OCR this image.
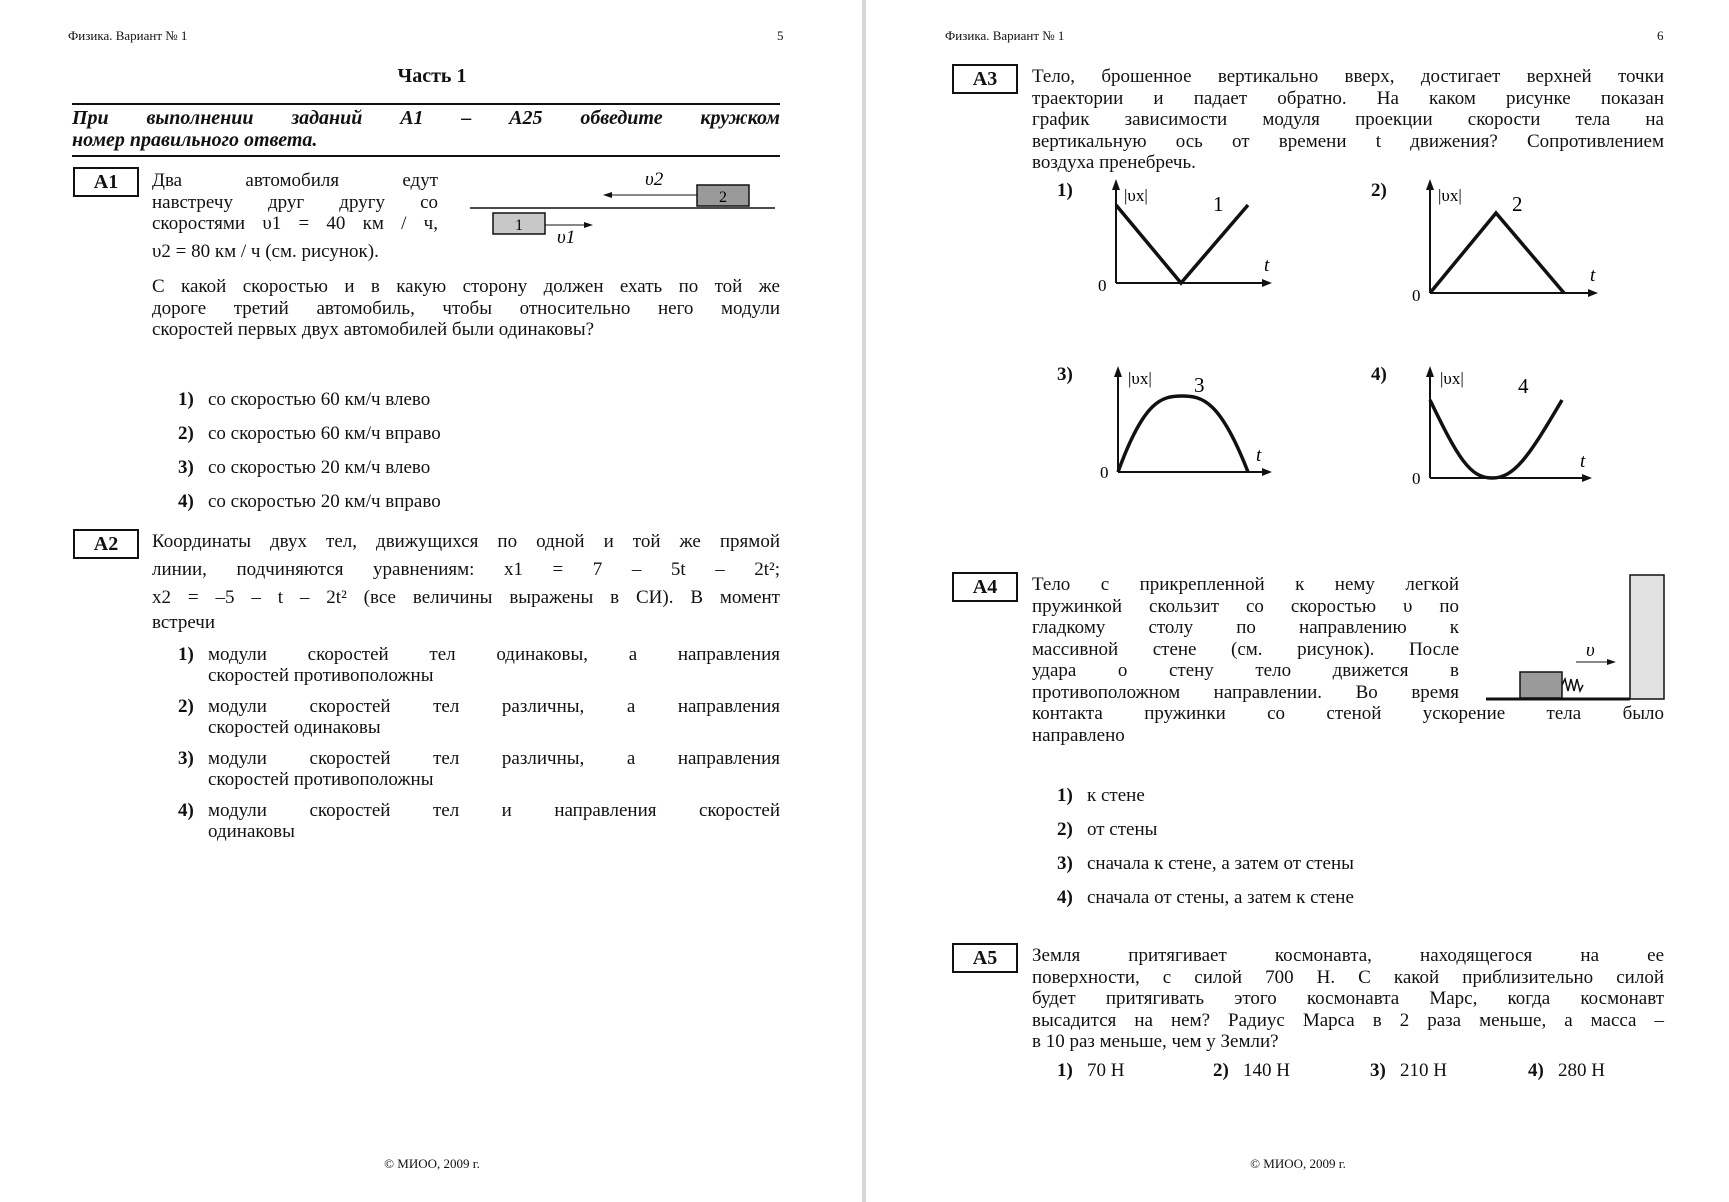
Физика. Вариант № 1	5
Часть 1
При выполнении заданий А1 – А25 обведите кружком
номер правильного ответа.
А1	Два автомобиля едут
навстречу друг другу со
скоростями υ1 = 40 км / ч,
υ2 = 80 км / ч (см. рисунок).
2
υ2
1
υ1
С какой скоростью и в какую сторону должен ехать по той же
дороге третий автомобиль, чтобы относительно него модули
скоростей первых двух автомобилей были одинаковы?
1) со скоростью 60 км/ч влево
2) со скоростью 60 км/ч вправо
3) со скоростью 20 км/ч влево
4) со скоростью 20 км/ч вправо
А2	Координаты двух тел, движущихся по одной и той же прямой
линии, подчиняются уравнениям: x1 = 7 – 5t – 2t²;
x2 = –5 – t – 2t² (все величины выражены в СИ). В момент
встречи
1) модули скоростей тел одинаковы, а направления
скоростей противоположны
2) модули скоростей тел различны, а направления
скоростей одинаковы
3) модули скоростей тел различны, а направления
скоростей противоположны
4) модули скоростей тел и направления скоростей
одинаковы
© МИОО, 2009 г.
Физика. Вариант № 1	6
А3	Тело, брошенное вертикально вверх, достигает верхней точки
траектории и падает обратно. На каком рисунке показан
график зависимости модуля проекции скорости тела на
вертикальную ось от времени t движения? Сопротивлением
воздуха пренебречь.
1)	|υx|	1
t
0
2)	|υx| 2
t
0
3)	|υx| 3
t
0
4)	|υx|	4
t
0
А4	Тело с прикрепленной к нему легкой
пружинкой скользит со скоростью υ по
гладкому столу по направлению к
массивной стене (см. рисунок). После
удара о стену тело движется в
противоположном направлении. Во время
контакта пружинки со стеной ускорение тела было
направлено
υ
1) к стене
2) от стены
3) сначала к стене, а затем от стены
4) сначала от стены, а затем к стене
А5	Земля притягивает космонавта, находящегося на ее
поверхности, с силой 700 Н. С какой приблизительно силой
будет притягивать этого космонавта Марс, когда космонавт
высадится на нем? Радиус Марса в 2 раза меньше, а масса –
в 10 раз меньше, чем у Земли?
1) 70 Н	2) 140 Н	3) 210 Н	4) 280 Н
© МИОО, 2009 г.
